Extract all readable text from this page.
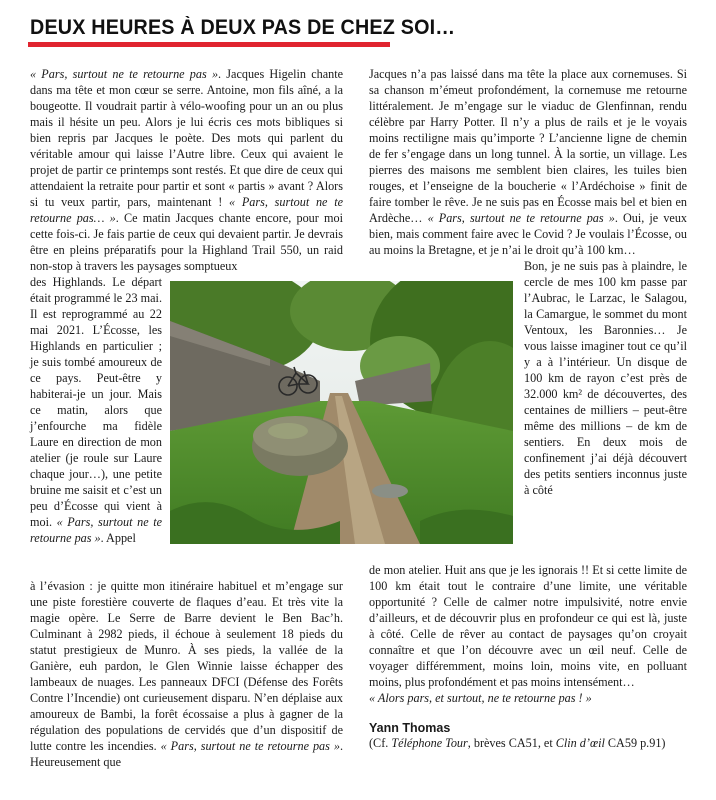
DEUX HEURES À DEUX PAS DE CHEZ SOI…

« Pars, surtout ne te retourne pas ». Jacques Higelin chante dans ma tête et mon cœur se serre. Antoine, mon fils aîné, a la bougeotte. Il voudrait partir à vélo-woofing pour un an ou plus mais il hésite un peu. Alors je lui écris ces mots bibliques si bien repris par Jacques le poète. Des mots qui parlent du véritable amour qui laisse l’Autre libre. Ceux qui avaient le projet de partir ce printemps sont restés. Et que dire de ceux qui attendaient la retraite pour partir et sont « partis » avant ? Alors si tu veux partir, pars, maintenant ! « Pars, surtout ne te retourne pas… ». Ce matin Jacques chante encore, pour moi cette fois-ci. Je fais partie de ceux qui devaient partir. Je devrais être en pleins préparatifs pour la Highland Trail 550, un raid non-stop à travers les paysages somptueux

des Highlands. Le départ était programmé le 23 mai. Il est reprogrammé au 22 mai 2021. L’Écosse, les Highlands en particulier ; je suis tombé amoureux de ce pays. Peut-être y habiterai-je un jour. Mais ce matin, alors que j’enfourche ma fidèle Laure en direction de mon atelier (je roule sur Laure chaque jour…), une petite bruine me saisit et c’est un peu d’Écosse qui vient à moi. « Pars, surtout ne te retourne pas ». Appel
à l’évasion : je quitte mon itinéraire habituel et m’engage sur une piste forestière couverte de flaques d’eau. Et très vite la magie opère. Le Serre de Barre devient le Ben Bac’h. Culminant à 2982 pieds, il échoue à seulement 18 pieds du statut prestigieux de Munro. À ses pieds, la vallée de la Ganière, euh pardon, le Glen Winnie laisse échapper des lambeaux de nuages. Les panneaux DFCI (Défense des Forêts Contre l’Incendie) ont curieusement disparu. N’en déplaise aux amoureux de Bambi, la forêt écossaise a plus à gagner de la régulation des populations de cervidés que d’un dispositif de lutte contre les incendies. « Pars, surtout ne te retourne pas ». Heureusement que

Jacques n’a pas laissé dans ma tête la place aux cornemuses. Si sa chanson m’émeut profondément, la cornemuse me retourne littéralement. Je m’engage sur le viaduc de Glenfinnan, rendu célèbre par Harry Potter. Il n’y a plus de rails et je le voyais moins rectiligne mais qu’importe ? L’ancienne ligne de chemin de fer s’engage dans un long tunnel. À la sortie, un village. Les pierres des maisons me semblent bien claires, les tuiles bien rouges, et l’enseigne de la boucherie « l’Ardéchoise » finit de faire tomber le rêve. Je ne suis pas en Écosse mais bel et bien en Ardèche… « Pars, surtout ne te retourne pas ». Oui, je veux bien, mais comment faire avec le Covid ? Je voulais l’Écosse, ou au moins la Bretagne, et je n’ai le droit qu’à 100 km…

Bon, je ne suis pas à plaindre, le cercle de mes 100 km passe par l’Aubrac, le Larzac, le Salagou, la Camargue, le sommet du mont Ventoux, les Baronnies… Je vous laisse imaginer tout ce qu’il y a à l’intérieur. Un disque de 100 km de rayon c’est près de 32.000 km² de découvertes, des centaines de milliers – peut-être même des millions – de km de sentiers. En deux mois de confinement j’ai déjà découvert des petits sentiers inconnus juste à côté
de mon atelier. Huit ans que je les ignorais !! Et si cette limite de 100 km était tout le contraire d’une limite, une véritable opportunité ? Celle de calmer notre impulsivité, notre envie d’ailleurs, et de découvrir plus en profondeur ce qui est là, juste à côté. Celle de rêver au contact de paysages qu’on croyait connaître et que l’on découvre avec un œil neuf. Celle de voyager différemment, moins loin, moins vite, en polluant moins, plus profondément et pas moins intensément…
« Alors pars, et surtout, ne te retourne pas ! »
Yann Thomas
(Cf. Téléphone Tour, brèves CA51, et Clin d’œil CA59 p.91)
